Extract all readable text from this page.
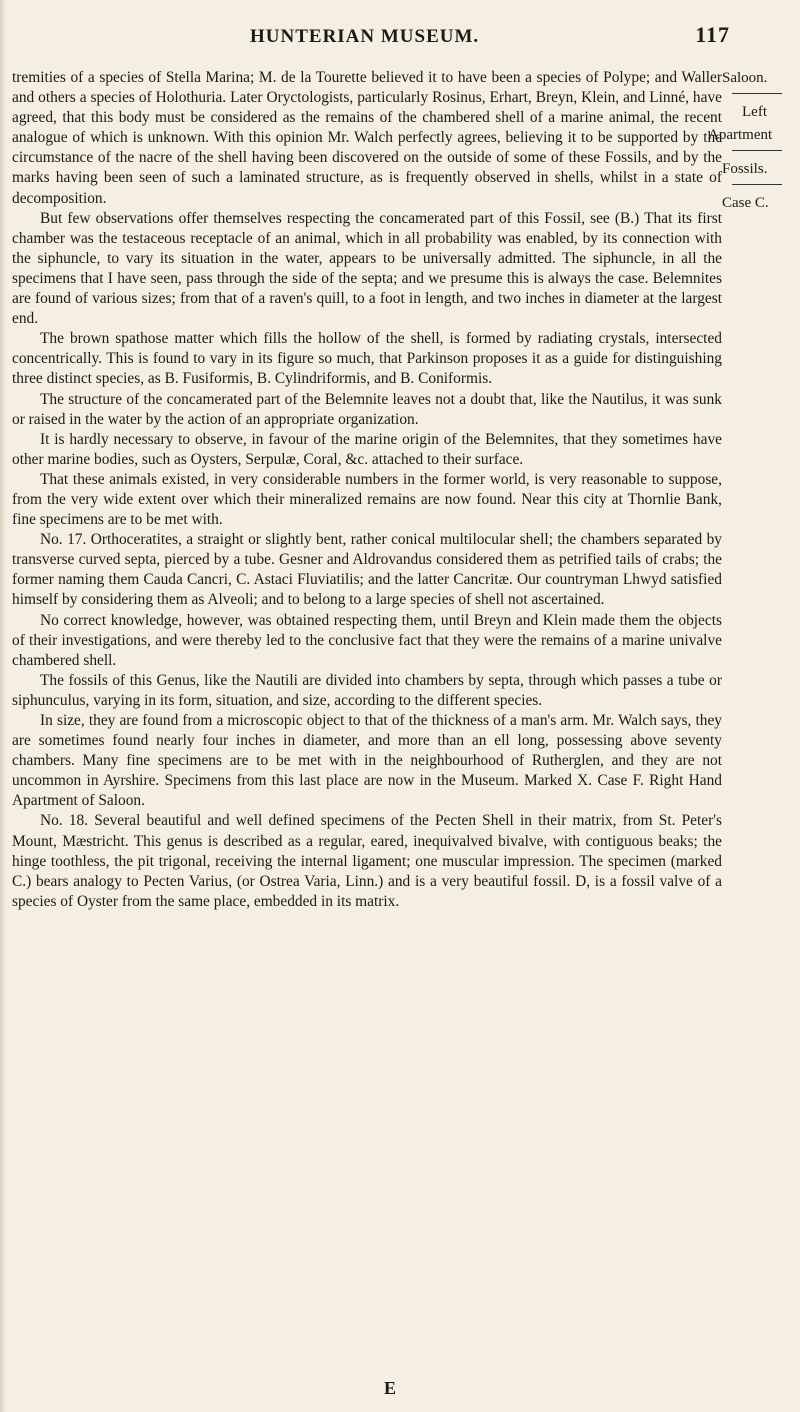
HUNTERIAN MUSEUM.	117
Saloon.
Left
Apartment
Fossils.
Case C.

tremities of a species of Stella Marina; M. de la Tourette believed it to have been a species of Polype; and Waller and others a species of Holothuria. Later Oryctologists, particularly Rosinus, Erhart, Breyn, Klein, and Linné, have agreed, that this body must be considered as the remains of the chambered shell of a marine animal, the recent analogue of which is unknown. With this opinion Mr. Walch perfectly agrees, believing it to be supported by the circumstance of the nacre of the shell having been discovered on the outside of some of these Fossils, and by the marks having been seen of such a laminated structure, as is frequently observed in shells, whilst in a state of decomposition.

But few observations offer themselves respecting the concamerated part of this Fossil, see (B.) That its first chamber was the testaceous receptacle of an animal, which in all probability was enabled, by its connection with the siphuncle, to vary its situation in the water, appears to be universally admitted. The siphuncle, in all the specimens that I have seen, pass through the side of the septa; and we presume this is always the case. Belemnites are found of various sizes; from that of a raven's quill, to a foot in length, and two inches in diameter at the largest end.

The brown spathose matter which fills the hollow of the shell, is formed by radiating crystals, intersected concentrically. This is found to vary in its figure so much, that Parkinson proposes it as a guide for distinguishing three distinct species, as B. Fusiformis, B. Cylindriformis, and B. Coniformis.

The structure of the concamerated part of the Belemnite leaves not a doubt that, like the Nautilus, it was sunk or raised in the water by the action of an appropriate organization.

It is hardly necessary to observe, in favour of the marine origin of the Belemnites, that they sometimes have other marine bodies, such as Oysters, Serpulæ, Coral, &c. attached to their surface.

That these animals existed, in very considerable numbers in the former world, is very reasonable to suppose, from the very wide extent over which their mineralized remains are now found. Near this city at Thornlie Bank, fine specimens are to be met with.

No. 17. Orthoceratites, a straight or slightly bent, rather conical multilocular shell; the chambers separated by transverse curved septa, pierced by a tube. Gesner and Aldrovandus considered them as petrified tails of crabs; the former naming them Cauda Cancri, C. Astaci Fluviatilis; and the latter Cancritæ. Our countryman Lhwyd satisfied himself by considering them as Alveoli; and to belong to a large species of shell not ascertained.

No correct knowledge, however, was obtained respecting them, until Breyn and Klein made them the objects of their investigations, and were thereby led to the conclusive fact that they were the remains of a marine univalve chambered shell.

The fossils of this Genus, like the Nautili are divided into chambers by septa, through which passes a tube or siphunculus, varying in its form, situation, and size, according to the different species.

In size, they are found from a microscopic object to that of the thickness of a man's arm. Mr. Walch says, they are sometimes found nearly four inches in diameter, and more than an ell long, possessing above seventy chambers. Many fine specimens are to be met with in the neighbourhood of Rutherglen, and they are not uncommon in Ayrshire. Specimens from this last place are now in the Museum. Marked X. Case F. Right Hand Apartment of Saloon.

No. 18. Several beautiful and well defined specimens of the Pecten Shell in their matrix, from St. Peter's Mount, Mæstricht. This genus is described as a regular, eared, inequivalved bivalve, with contiguous beaks; the hinge toothless, the pit trigonal, receiving the internal ligament; one muscular impression. The specimen (marked C.) bears analogy to Pecten Varius, (or Ostrea Varia, Linn.) and is a very beautiful fossil. D, is a fossil valve of a species of Oyster from the same place, embedded in its matrix.

E
